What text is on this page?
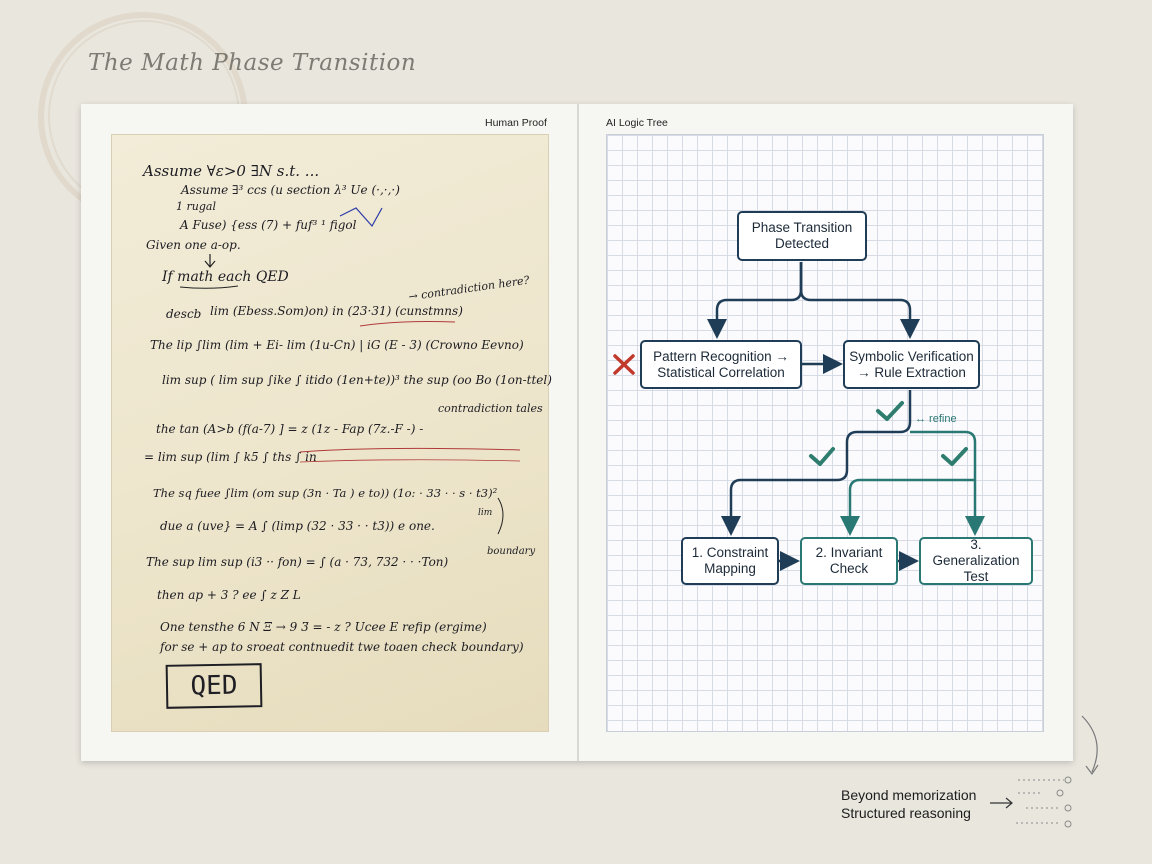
The Math Phase Transition
Human Proof	AI Logic Tree
Assume ∀ε>0 ∃N s.t. ...
Assume ∃³ ccs (u section λ³ Ue (·,·,·)
1 rugal
A Fuse) {ess (7) + fuf³ ¹ figol
Given one a-op.
If math each QED
lim (Ebess.Som)on) in (23·31) (cunstmns)
The lip ∫lim (lim + Ei- lim (1u-Cn) | iG (E - 3) (Crowno Eevno)
lim sup ( lim sup ∫ike ∫ itido (1en+te))³ the sup (oo Bo (1on-ttel)
the tan (A>b (f(a-7) ] = z (1z - Fap (7z.-F -) -
= lim sup (lim ∫ k5 ∫ ths ∫ in
The sq fuee ∫lim (om sup (3n · Ta ) e to)) (1o: · 33 · · s · t3)²
due a (uve} = A ∫ (limp (32 · 33 · · t3)) e one.
The sup lim sup (i3 ·· fon) = ∫ (a · 73, 732 · · ·Ton)
then ap + 3 ? ee ∫ z Z L
One tensthe 6 N Ξ → 9 3̅ = - z ? Ucee E refip (ergime)
for se + ap to sroeat contnuedit twe toaen check boundary)
→ contradiction here?
contradiction tales
boundary
descb
lim
QED
↔ refine
Phase Transition
Detected
Pattern Recognition →
Statistical Correlation
Symbolic Verification
→ Rule Extraction
1. Constraint
Mapping
2. Invariant
Check
3. Generalization
Test
Beyond memorization
Structured reasoning
